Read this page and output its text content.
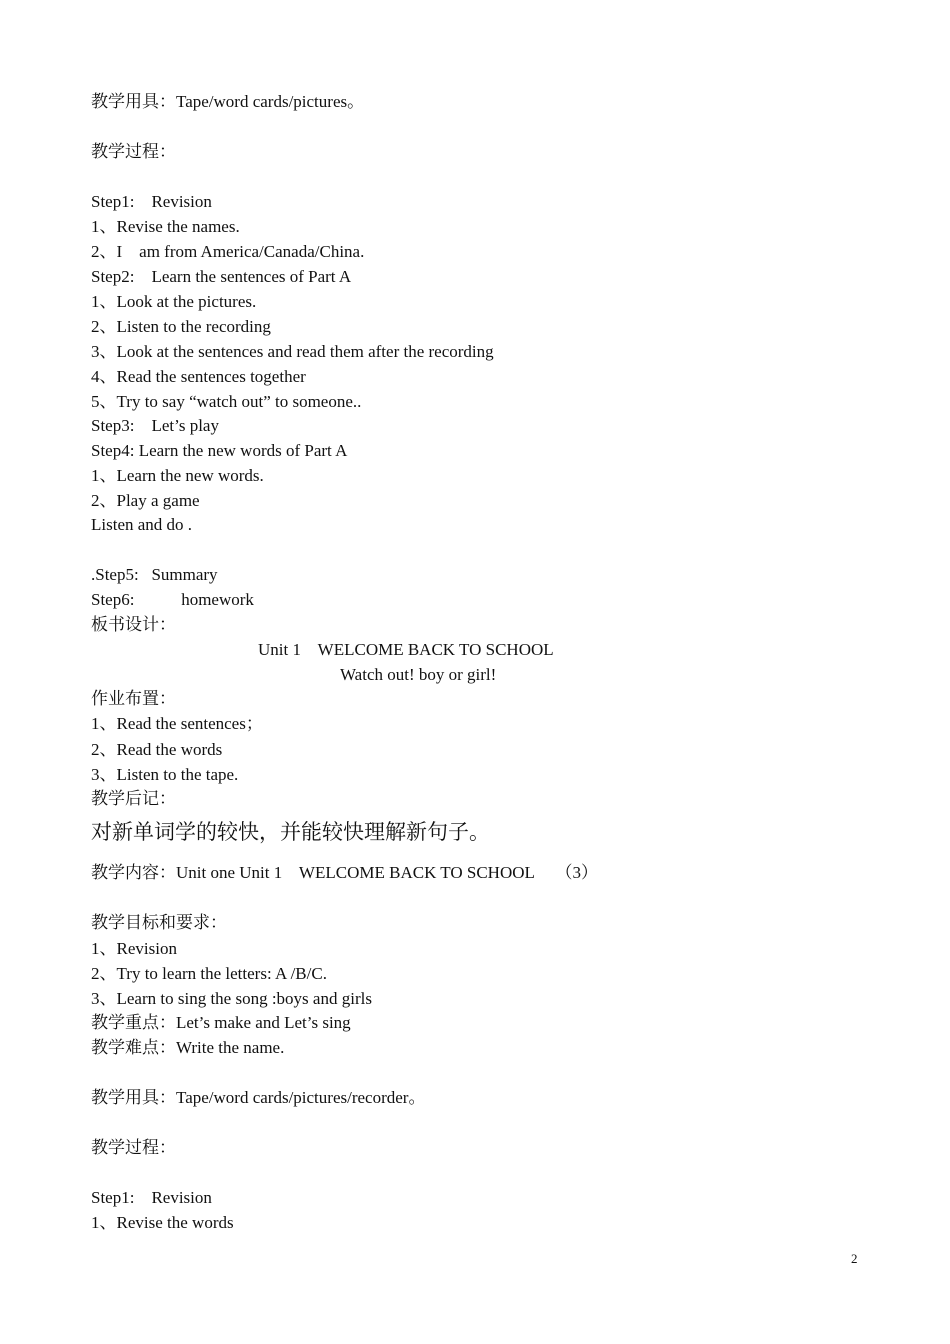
教学用具：Tape/word cards/pictures。
教学过程：
Step1:    Revision
1、Revise the names.
2、I    am from America/Canada/China.
Step2:    Learn the sentences of Part A
1、Look at the pictures.
2、Listen to the recording
3、Look at the sentences and read them after the recording
4、Read the sentences together
5、Try to say “watch out” to someone..
Step3:    Let’s play
Step4: Learn the new words of Part A
1、Learn the new words.
2、Play a game
Listen and do .
.Step5:   Summary
Step6:           homework
板书设计：
Unit 1    WELCOME BACK TO SCHOOL
Watch out! boy or girl!
作业布置：
1、Read the sentences；
2、Read the words
3、Listen to the tape.
教学后记：
对新单词学的较快，并能较快理解新句子。
教学内容：Unit one Unit 1    WELCOME BACK TO SCHOOL     （3）
教学目标和要求：
1、Revision
2、Try to learn the letters: A /B/C.
3、Learn to sing the song :boys and girls
教学重点：Let’s make and Let’s sing
教学难点：Write the name.
教学用具：Tape/word cards/pictures/recorder。
教学过程：
Step1:    Revision
1、Revise the words
2
